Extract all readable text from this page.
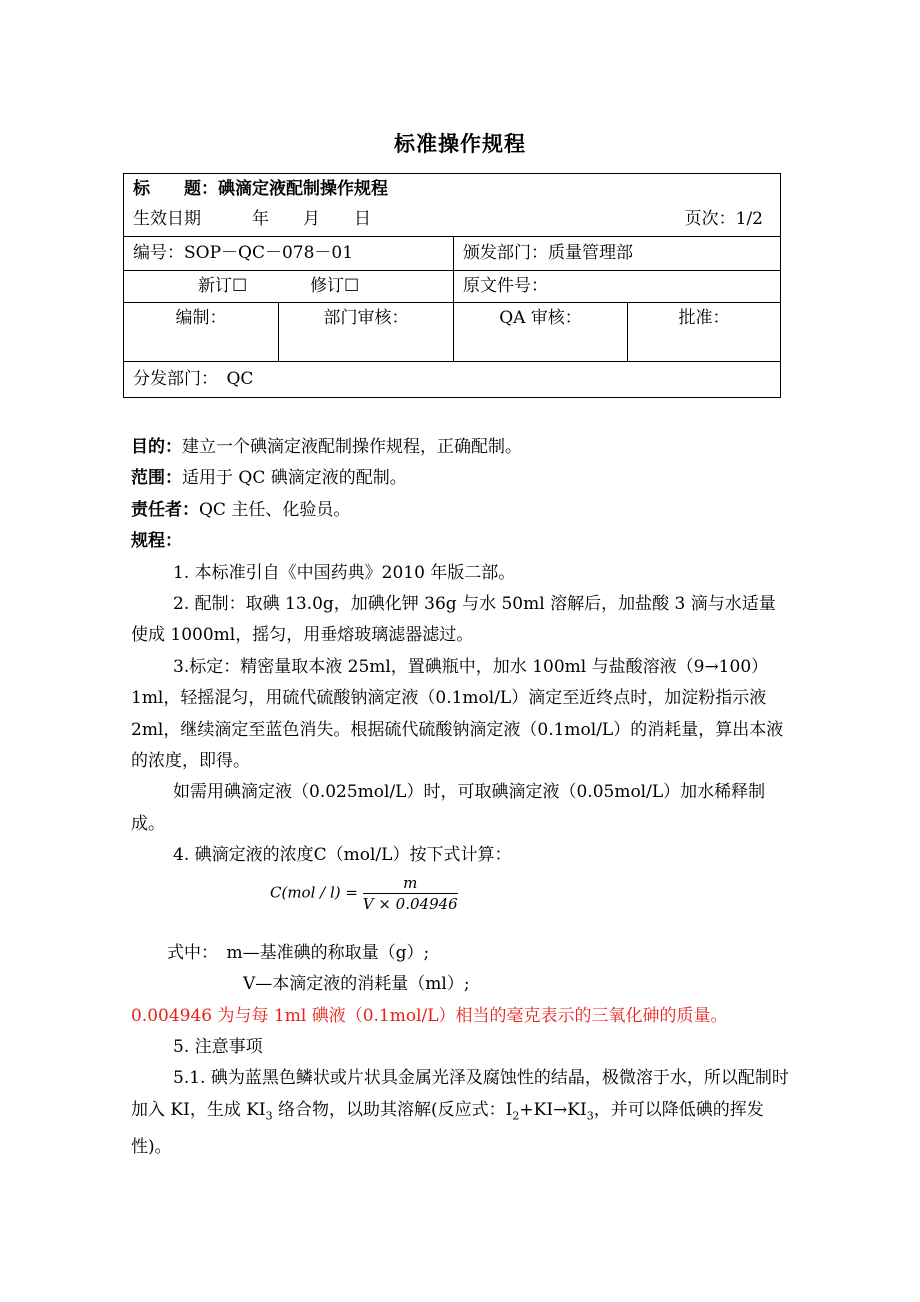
标准操作规程
标　　题：碘滴定液配制操作规程
生效日期　　　年　　月　　日 页次：1/2			

编号：SOP－QC－078－01		颁发部门：质量管理部	
新订☐ 修订☐		原文件号：	
编制：	部门审核：	QA 审核：	批准：
分发部门：　QC			

目的：建立一个碘滴定液配制操作规程，正确配制。

范围：适用于 QC 碘滴定液的配制。

责任者：QC 主任、化验员。

规程：

1. 本标准引自《中国药典》2010 年版二部。

2. 配制：取碘 13.0g，加碘化钾 36g 与水 50ml 溶解后，加盐酸 3 滴与水适量使成 1000ml，摇匀，用垂熔玻璃滤器滤过。

3.标定：精密量取本液 25ml，置碘瓶中，加水 100ml 与盐酸溶液（9→100）1ml，轻摇混匀，用硫代硫酸钠滴定液（0.1mol/L）滴定至近终点时，加淀粉指示液 2ml，继续滴定至蓝色消失。根据硫代硫酸钠滴定液（0.1mol/L）的消耗量，算出本液的浓度，即得。

如需用碘滴定液（0.025mol/L）时，可取碘滴定液（0.05mol/L）加水稀释制成。

4. 碘滴定液的浓度C（mol/L）按下式计算：

式中：　m—基准碘的称取量（g）;

V—本滴定液的消耗量（ml）;

0.004946 为与每 1ml 碘液（0.1mol/L）相当的毫克表示的三氧化砷的质量。

5. 注意事项

5.1. 碘为蓝黑色鳞状或片状具金属光泽及腐蚀性的结晶，极微溶于水，所以配制时加入 KI，生成 $KI_3$ 络合物，以助其溶解(反应式：$I_2+KI\to KI_3$，并可以降低碘的挥发性)。

$C(mol / l) = \frac{m}{V \times 0.04946}$
